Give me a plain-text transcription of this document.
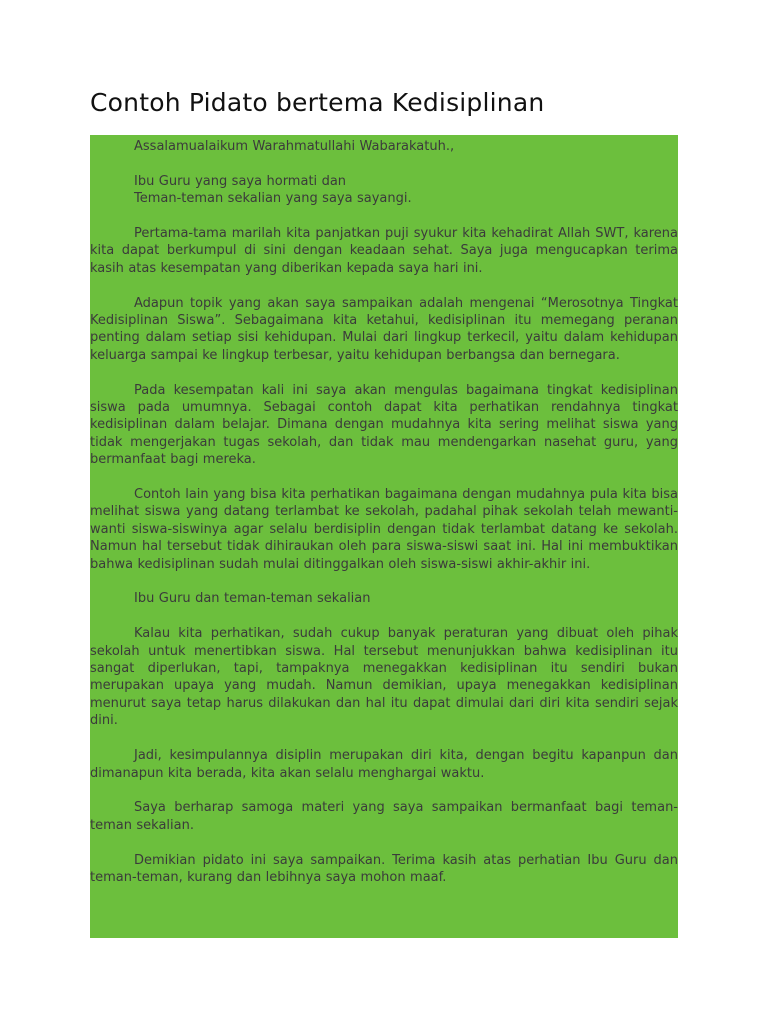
Contoh Pidato bertema Kedisiplinan

Assalamualaikum Warahmatullahi Wabarakatuh.,

Ibu Guru yang saya hormati dan
Teman-teman sekalian yang saya sayangi.

Pertama-tama marilah kita panjatkan puji syukur kita kehadirat Allah SWT, karena kita dapat berkumpul di sini dengan keadaan sehat. Saya juga mengucapkan terima kasih atas kesempatan yang diberikan kepada saya hari ini.

Adapun topik yang akan saya sampaikan adalah mengenai “Merosotnya Tingkat Kedisiplinan Siswa”. Sebagaimana kita ketahui, kedisiplinan itu memegang peranan penting dalam setiap sisi kehidupan. Mulai dari lingkup terkecil, yaitu dalam kehidupan keluarga sampai ke lingkup terbesar, yaitu kehidupan berbangsa dan bernegara.

Pada kesempatan kali ini saya akan mengulas bagaimana tingkat kedisiplinan siswa pada umumnya. Sebagai contoh dapat kita perhatikan rendahnya tingkat kedisiplinan dalam belajar. Dimana dengan mudahnya kita sering melihat siswa yang tidak mengerjakan tugas sekolah, dan tidak mau mendengarkan nasehat guru, yang bermanfaat bagi mereka.

Contoh lain yang bisa kita perhatikan bagaimana dengan mudahnya pula kita bisa melihat siswa yang datang terlambat ke sekolah, padahal pihak sekolah telah mewanti-wanti siswa-siswinya agar selalu berdisiplin dengan tidak terlambat datang ke sekolah. Namun hal tersebut tidak dihiraukan oleh para siswa-siswi saat ini. Hal ini membuktikan bahwa kedisiplinan sudah mulai ditinggalkan oleh siswa-siswi akhir-akhir ini.

Ibu Guru dan teman-teman sekalian

Kalau kita perhatikan, sudah cukup banyak peraturan yang dibuat oleh pihak sekolah untuk menertibkan siswa. Hal tersebut menunjukkan bahwa kedisiplinan itu sangat diperlukan, tapi, tampaknya menegakkan kedisiplinan itu sendiri bukan merupakan upaya yang mudah. Namun demikian, upaya menegakkan kedisiplinan menurut saya tetap harus dilakukan dan hal itu dapat dimulai dari diri kita sendiri sejak dini.

Jadi, kesimpulannya disiplin merupakan diri kita, dengan begitu kapanpun dan dimanapun kita berada, kita akan selalu menghargai waktu.

Saya berharap samoga materi yang saya sampaikan bermanfaat bagi teman-teman sekalian.

Demikian pidato ini saya sampaikan. Terima kasih atas perhatian Ibu Guru dan teman-teman, kurang dan lebihnya saya mohon maaf.
